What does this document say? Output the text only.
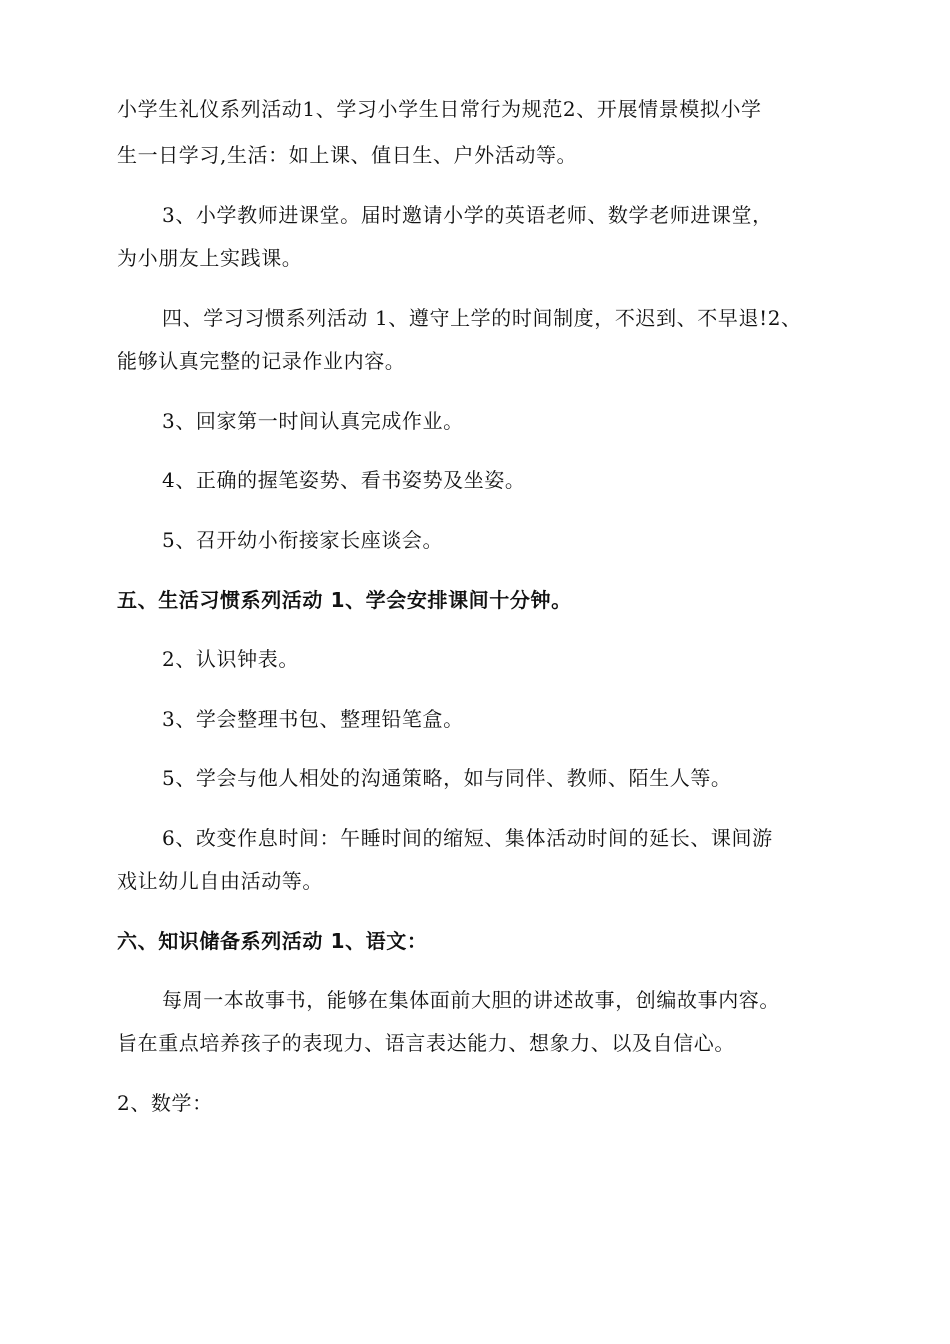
小学生礼仪系列活动1、学习小学生日常行为规范2、开展情景模拟小学
生一日学习,生活：如上课、值日生、户外活动等。
3、小学教师进课堂。届时邀请小学的英语老师、数学老师进课堂，
为小朋友上实践课。
四、学习习惯系列活动 1、遵守上学的时间制度，不迟到、不早退!2、
能够认真完整的记录作业内容。
3、回家第一时间认真完成作业。
4、正确的握笔姿势、看书姿势及坐姿。
5、召开幼小衔接家长座谈会。
五、生活习惯系列活动 1、学会安排课间十分钟。
2、认识钟表。
3、学会整理书包、整理铅笔盒。
5、学会与他人相处的沟通策略，如与同伴、教师、陌生人等。
6、改变作息时间：午睡时间的缩短、集体活动时间的延长、课间游
戏让幼儿自由活动等。
六、知识储备系列活动 1、语文：
每周一本故事书，能够在集体面前大胆的讲述故事，创编故事内容。
旨在重点培养孩子的表现力、语言表达能力、想象力、以及自信心。
2、数学：
